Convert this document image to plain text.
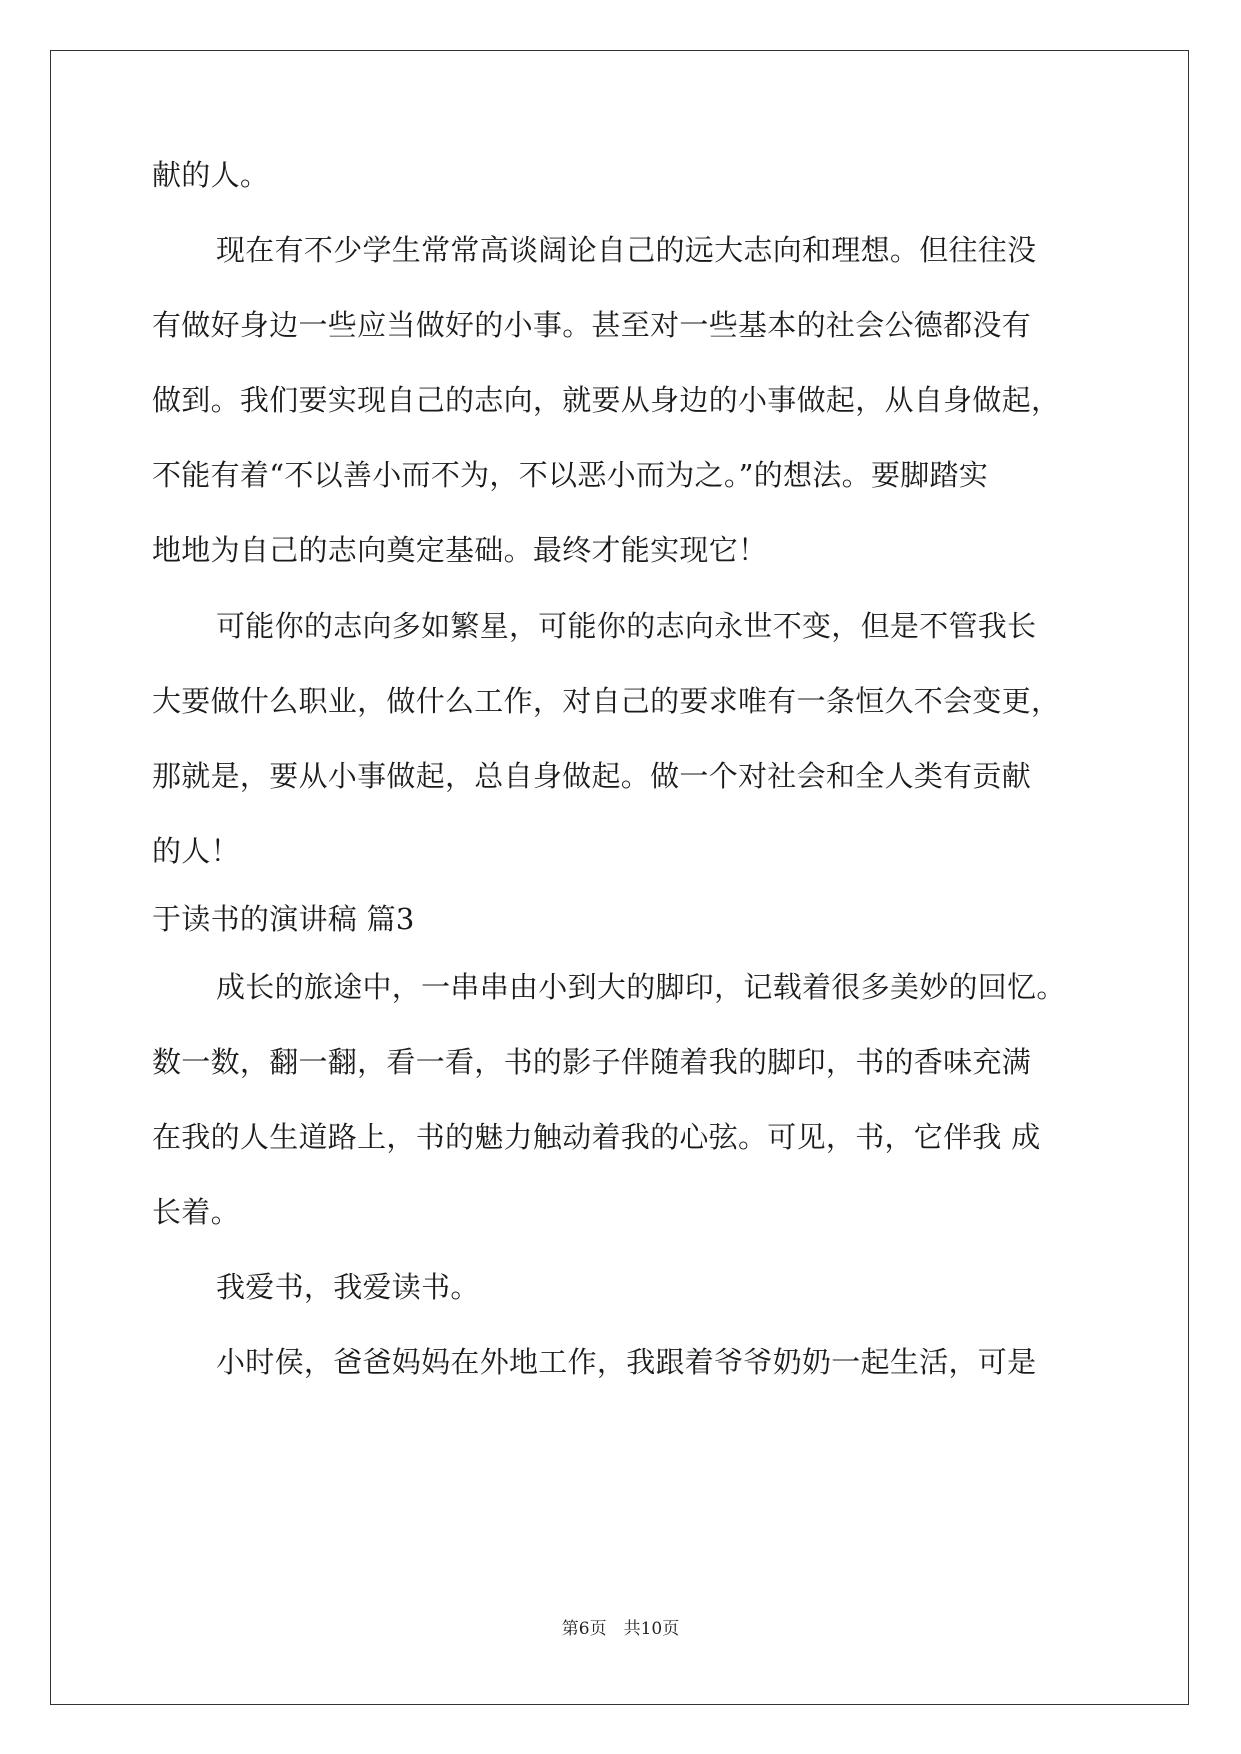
献的人。
现在有不少学生常常高谈阔论自己的远大志向和理想。但往往没
有做好身边一些应当做好的小事。甚至对一些基本的社会公德都没有
做到。我们要实现自己的志向，就要从身边的小事做起，从自身做起，
不能有着“不以善小而不为，不以恶小而为之。”的想法。要脚踏实
地地为自己的志向奠定基础。最终才能实现它！
可能你的志向多如繁星，可能你的志向永世不变，但是不管我长
大要做什么职业，做什么工作，对自己的要求唯有一条恒久不会变更，
那就是，要从小事做起，总自身做起。做一个对社会和全人类有贡献
的人！
于读书的演讲稿 篇3
成长的旅途中，一串串由小到大的脚印，记载着很多美妙的回忆。
数一数，翻一翻，看一看，书的影子伴随着我的脚印，书的香味充满
在我的人生道路上，书的魅力触动着我的心弦。可见，书，它伴我 成
长着。
我爱书，我爱读书。
小时侯，爸爸妈妈在外地工作，我跟着爷爷奶奶一起生活，可是
第6页　共10页
